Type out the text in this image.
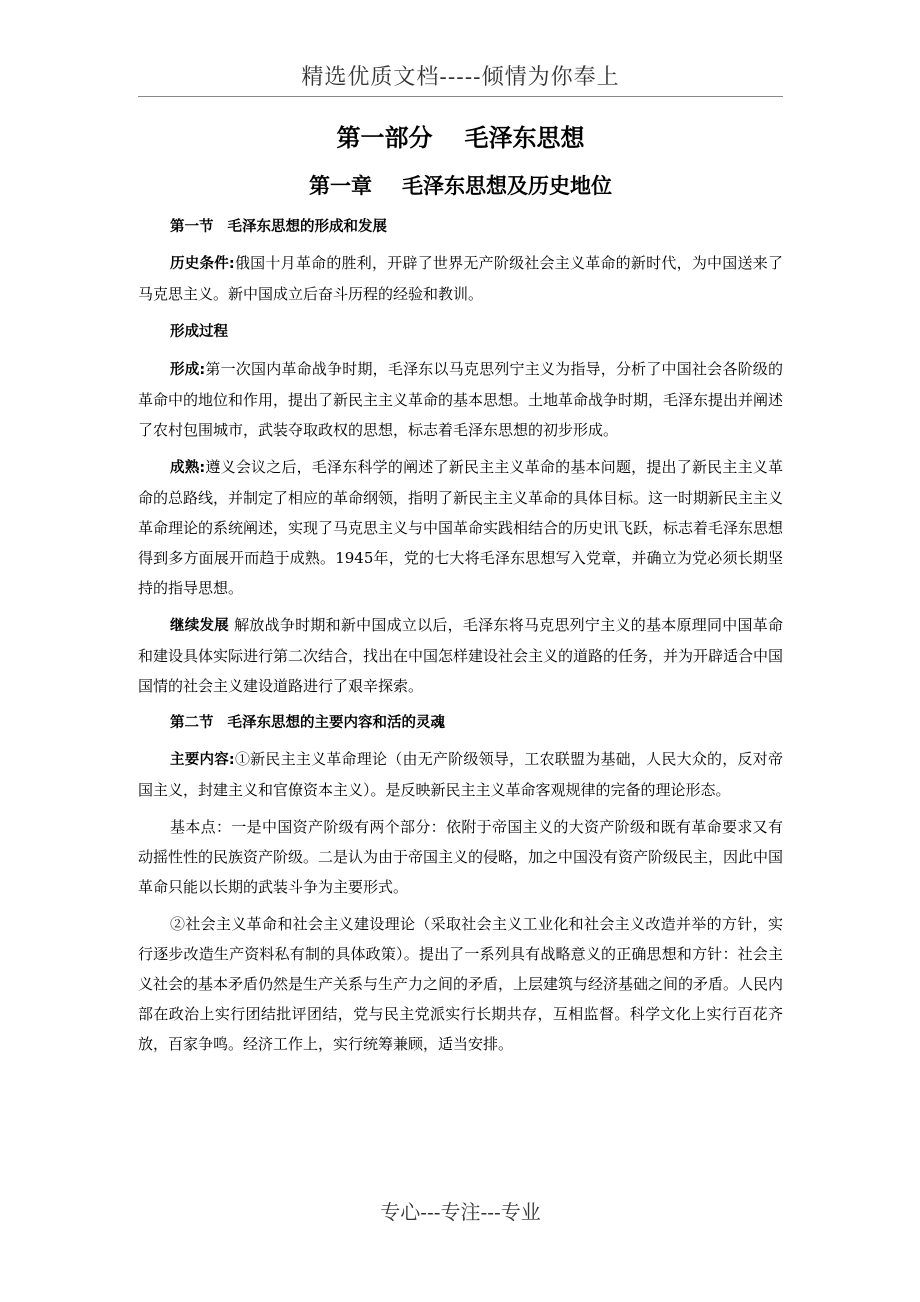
精选优质文档-----倾情为你奉上
第一部分 毛泽东思想
第一章 毛泽东思想及历史地位

第一节 毛泽东思想的形成和发展

历史条件:俄国十月革命的胜利，开辟了世界无产阶级社会主义革命的新时代，为中国送来了马克思主义。新中国成立后奋斗历程的经验和教训。

形成过程

形成:第一次国内革命战争时期，毛泽东以马克思列宁主义为指导，分析了中国社会各阶级的革命中的地位和作用，提出了新民主主义革命的基本思想。土地革命战争时期，毛泽东提出并阐述了农村包围城市，武装夺取政权的思想，标志着毛泽东思想的初步形成。

成熟:遵义会议之后，毛泽东科学的阐述了新民主主义革命的基本问题，提出了新民主主义革命的总路线，并制定了相应的革命纲领，指明了新民主主义革命的具体目标。这一时期新民主主义革命理论的系统阐述，实现了马克思主义与中国革命实践相结合的历史讯飞跃，标志着毛泽东思想得到多方面展开而趋于成熟。1945年，党的七大将毛泽东思想写入党章，并确立为党必须长期坚持的指导思想。

继续发展 解放战争时期和新中国成立以后，毛泽东将马克思列宁主义的基本原理同中国革命和建设具体实际进行第二次结合，找出在中国怎样建设社会主义的道路的任务，并为开辟适合中国国情的社会主义建设道路进行了艰辛探索。

第二节 毛泽东思想的主要内容和活的灵魂

主要内容:①新民主主义革命理论（由无产阶级领导，工农联盟为基础，人民大众的，反对帝国主义，封建主义和官僚资本主义）。是反映新民主主义革命客观规律的完备的理论形态。

基本点：一是中国资产阶级有两个部分：依附于帝国主义的大资产阶级和既有革命要求又有动摇性性的民族资产阶级。二是认为由于帝国主义的侵略，加之中国没有资产阶级民主，因此中国革命只能以长期的武装斗争为主要形式。

②社会主义革命和社会主义建设理论（采取社会主义工业化和社会主义改造并举的方针，实行逐步改造生产资料私有制的具体政策）。提出了一系列具有战略意义的正确思想和方针：社会主义社会的基本矛盾仍然是生产关系与生产力之间的矛盾，上层建筑与经济基础之间的矛盾。人民内部在政治上实行团结批评团结，党与民主党派实行长期共存，互相监督。科学文化上实行百花齐放，百家争鸣。经济工作上，实行统筹兼顾，适当安排。

专心---专注---专业
